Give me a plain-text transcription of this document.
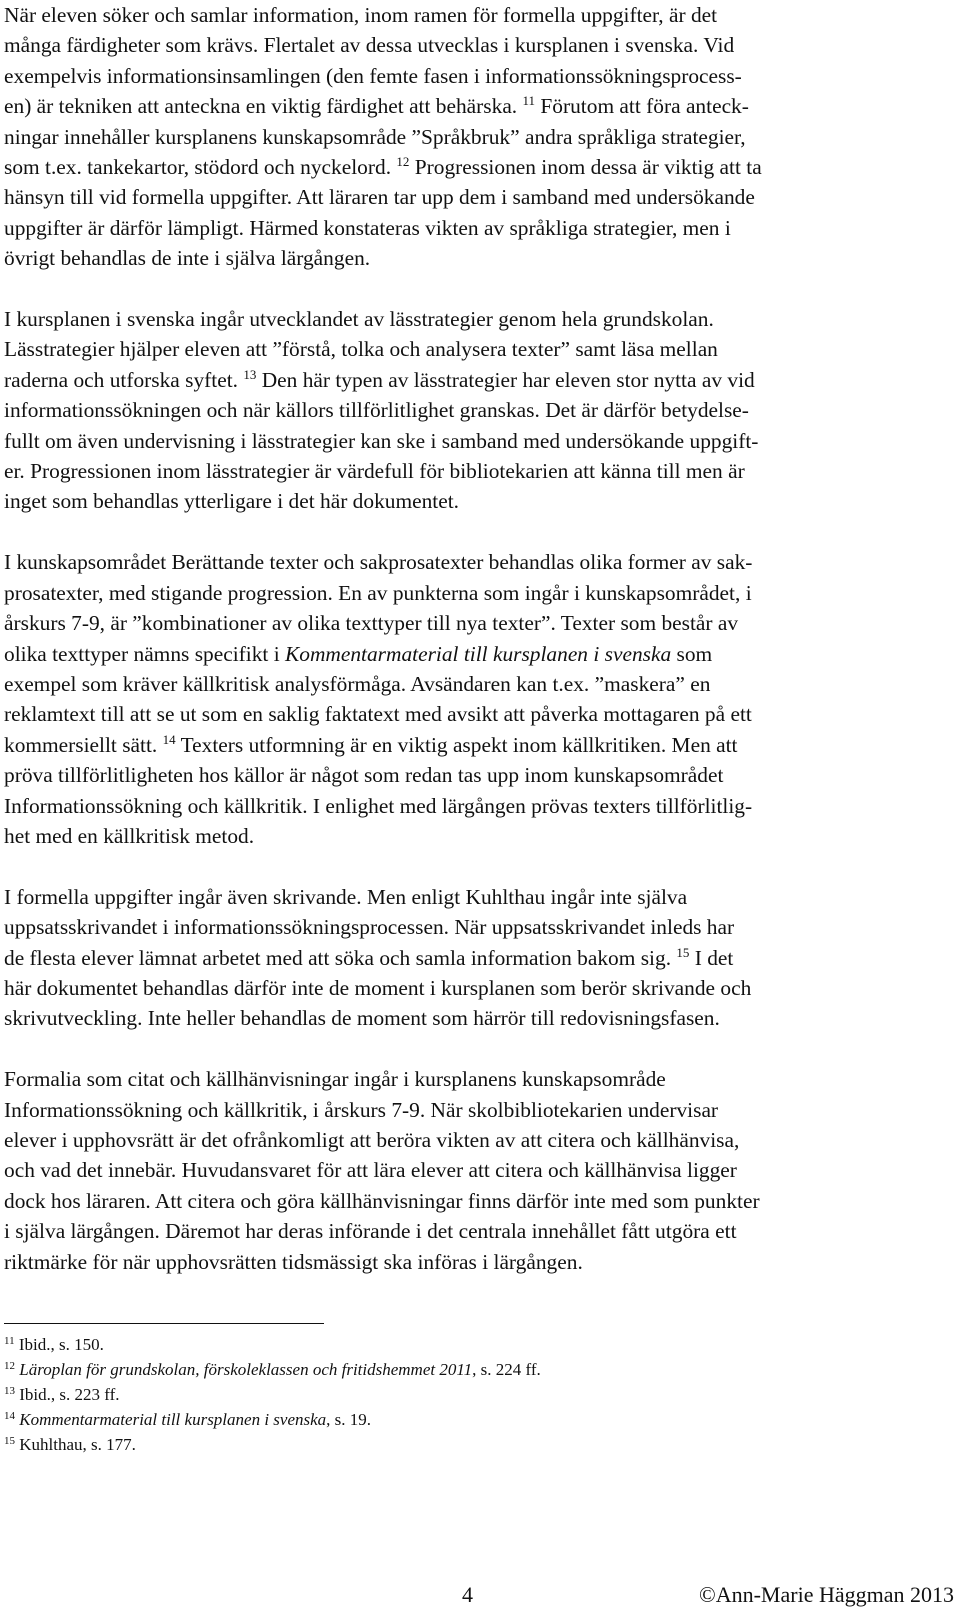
När eleven söker och samlar information, inom ramen för formella uppgifter, är det
många färdigheter som krävs. Flertalet av dessa utvecklas i kursplanen i svenska. Vid
exempelvis informationsinsamlingen (den femte fasen i informationssökningsprocess-
en) är tekniken att anteckna en viktig färdighet att behärska. $^{11}$ Förutom att föra anteck-
ningar innehåller kursplanens kunskapsområde ”Språkbruk” andra språkliga strategier,
som t.ex. tankekartor, stödord och nyckelord. $^{12}$ Progressionen inom dessa är viktig att ta
hänsyn till vid formella uppgifter. Att läraren tar upp dem i samband med undersökande
uppgifter är därför lämpligt. Härmed konstateras vikten av språkliga strategier, men i
övrigt behandlas de inte i själva lärgången.

I kursplanen i svenska ingår utvecklandet av lässtrategier genom hela grundskolan.
Lässtrategier hjälper eleven att ”förstå, tolka och analysera texter” samt läsa mellan
raderna och utforska syftet. $^{13}$ Den här typen av lässtrategier har eleven stor nytta av vid
informationssökningen och när källors tillförlitlighet granskas. Det är därför betydelse-
fullt om även undervisning i lässtrategier kan ske i samband med undersökande uppgift-
er. Progressionen inom lässtrategier är värdefull för bibliotekarien att känna till men är
inget som behandlas ytterligare i det här dokumentet.

I kunskapsområdet Berättande texter och sakprosatexter behandlas olika former av sak-
prosatexter, med stigande progression. En av punkterna som ingår i kunskapsområdet, i
årskurs 7-9, är ”kombinationer av olika texttyper till nya texter”. Texter som består av
olika texttyper nämns specifikt i Kommentarmaterial till kursplanen i svenska som
exempel som kräver källkritisk analysförmåga. Avsändaren kan t.ex. ”maskera” en
reklamtext till att se ut som en saklig faktatext med avsikt att påverka mottagaren på ett
kommersiellt sätt. $^{14}$ Texters utformning är en viktig aspekt inom källkritiken. Men att
pröva tillförlitligheten hos källor är något som redan tas upp inom kunskapsområdet
Informationssökning och källkritik. I enlighet med lärgången prövas texters tillförlitlig-
het med en källkritisk metod.

I formella uppgifter ingår även skrivande. Men enligt Kuhlthau ingår inte själva
uppsatsskrivandet i informationssökningsprocessen. När uppsatsskrivandet inleds har
de flesta elever lämnat arbetet med att söka och samla information bakom sig. $^{15}$ I det
här dokumentet behandlas därför inte de moment i kursplanen som berör skrivande och
skrivutveckling. Inte heller behandlas de moment som härrör till redovisningsfasen.

Formalia som citat och källhänvisningar ingår i kursplanens kunskapsområde
Informationssökning och källkritik, i årskurs 7-9. När skolbibliotekarien undervisar
elever i upphovsrätt är det ofrånkomligt att beröra vikten av att citera och källhänvisa,
och vad det innebär. Huvudansvaret för att lära elever att citera och källhänvisa ligger
dock hos läraren. Att citera och göra källhänvisningar finns därför inte med som punkter
i själva lärgången. Däremot har deras införande i det centrala innehållet fått utgöra ett
riktmärke för när upphovsrätten tidsmässigt ska införas i lärgången.

$^{11}$ Ibid., s. 150.
$^{12}$ Läroplan för grundskolan, förskoleklassen och fritidshemmet 2011, s. 224 ff.
$^{13}$ Ibid., s. 223 ff.
$^{14}$ Kommentarmaterial till kursplanen i svenska, s. 19.
$^{15}$ Kuhlthau, s. 177.
4	©Ann-Marie Häggman 2013
